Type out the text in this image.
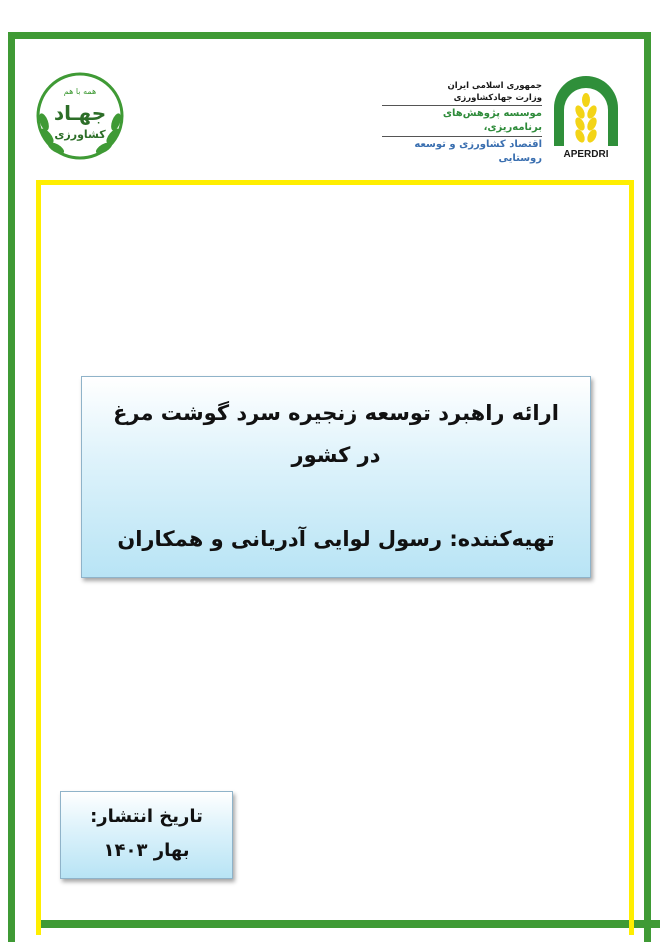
همه با هم
جهـاد
کشاورزی
جمهوری اسلامی ایران
وزارت جهادکشاورزی
موسسه پژوهش‌های برنامه‌ریزی،
اقتصاد کشاورزی و توسعه روستایی APERDRI
ارائه راهبرد توسعه زنجیره سرد گوشت مرغ
در کشور
تهیه‌کننده: رسول لوایی آدریانی و همکاران
تاریخ انتشار:
بهار ۱۴۰۳
